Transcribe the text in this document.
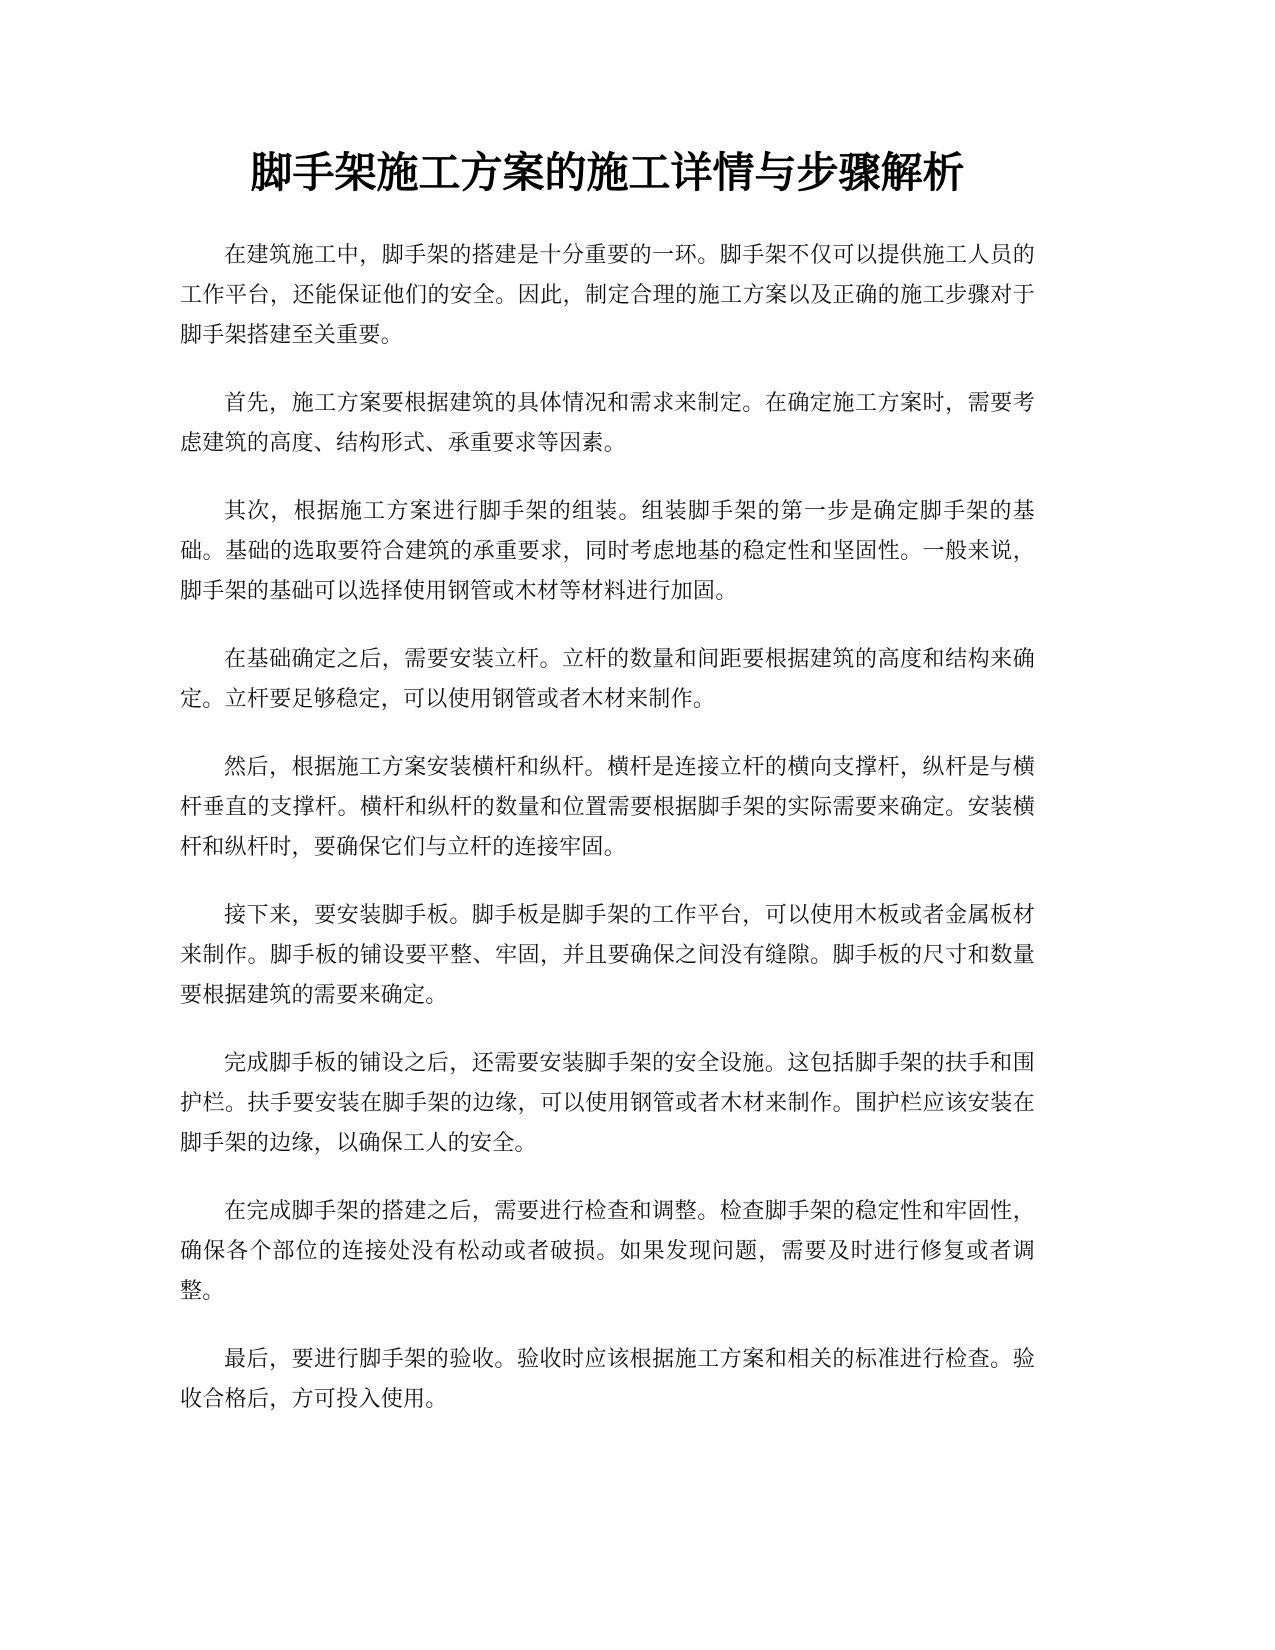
脚手架施工方案的施工详情与步骤解析

在建筑施工中，脚手架的搭建是十分重要的一环。脚手架不仅可以提供施工人员的工作平台，还能保证他们的安全。因此，制定合理的施工方案以及正确的施工步骤对于脚手架搭建至关重要。

首先，施工方案要根据建筑的具体情况和需求来制定。在确定施工方案时，需要考虑建筑的高度、结构形式、承重要求等因素。

其次，根据施工方案进行脚手架的组装。组装脚手架的第一步是确定脚手架的基础。基础的选取要符合建筑的承重要求，同时考虑地基的稳定性和坚固性。一般来说，脚手架的基础可以选择使用钢管或木材等材料进行加固。

在基础确定之后，需要安装立杆。立杆的数量和间距要根据建筑的高度和结构来确定。立杆要足够稳定，可以使用钢管或者木材来制作。

然后，根据施工方案安装横杆和纵杆。横杆是连接立杆的横向支撑杆，纵杆是与横杆垂直的支撑杆。横杆和纵杆的数量和位置需要根据脚手架的实际需要来确定。安装横杆和纵杆时，要确保它们与立杆的连接牢固。

接下来，要安装脚手板。脚手板是脚手架的工作平台，可以使用木板或者金属板材来制作。脚手板的铺设要平整、牢固，并且要确保之间没有缝隙。脚手板的尺寸和数量要根据建筑的需要来确定。

完成脚手板的铺设之后，还需要安装脚手架的安全设施。这包括脚手架的扶手和围护栏。扶手要安装在脚手架的边缘，可以使用钢管或者木材来制作。围护栏应该安装在脚手架的边缘，以确保工人的安全。

在完成脚手架的搭建之后，需要进行检查和调整。检查脚手架的稳定性和牢固性，确保各个部位的连接处没有松动或者破损。如果发现问题，需要及时进行修复或者调整。

最后，要进行脚手架的验收。验收时应该根据施工方案和相关的标准进行检查。验收合格后，方可投入使用。
